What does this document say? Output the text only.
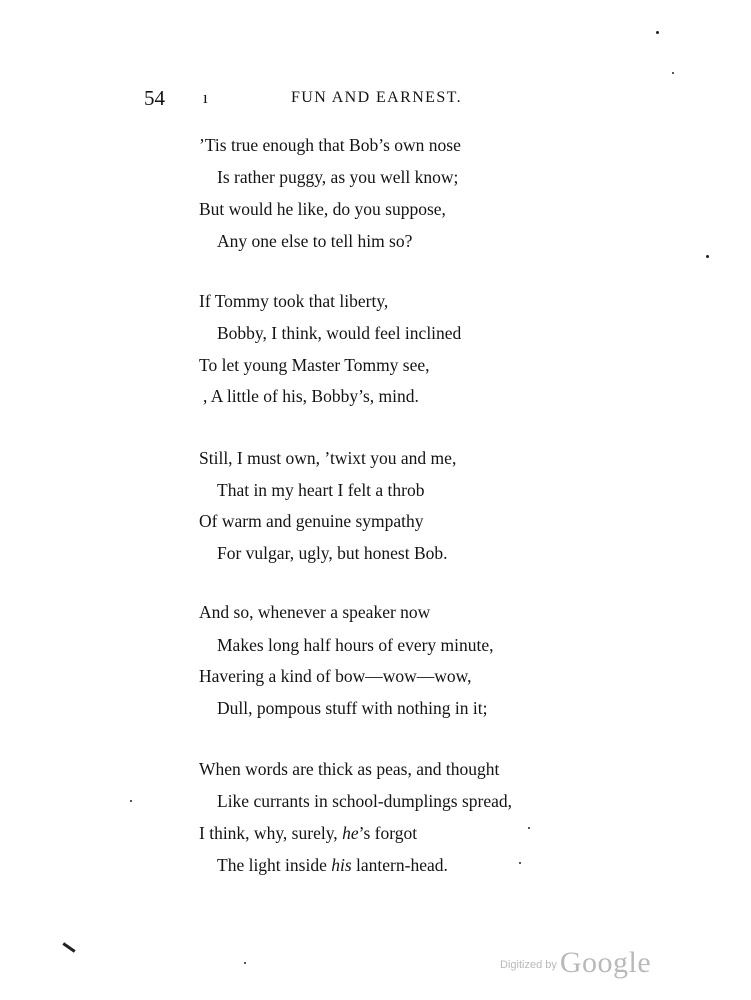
54 ı	FUN AND EARNEST.
’Tis true enough that Bob’s own nose
Is rather puggy, as you well know;
But would he like, do you suppose,
Any one else to tell him so?
If Tommy took that liberty,
Bobby, I think, would feel inclined
To let young Master Tommy see,
, A little of his, Bobby’s, mind.
Still, I must own, ’twixt you and me,
That in my heart I felt a throb
Of warm and genuine sympathy
For vulgar, ugly, but honest Bob.
And so, whenever a speaker now
Makes long half hours of every minute,
Havering a kind of bow—wow—wow,
Dull, pompous stuff with nothing in it;
When words are thick as peas, and thought
Like currants in school-dumplings spread,
I think, why, surely, he’s forgot
The light inside his lantern-head.
$^{Digitized by}$ Google
